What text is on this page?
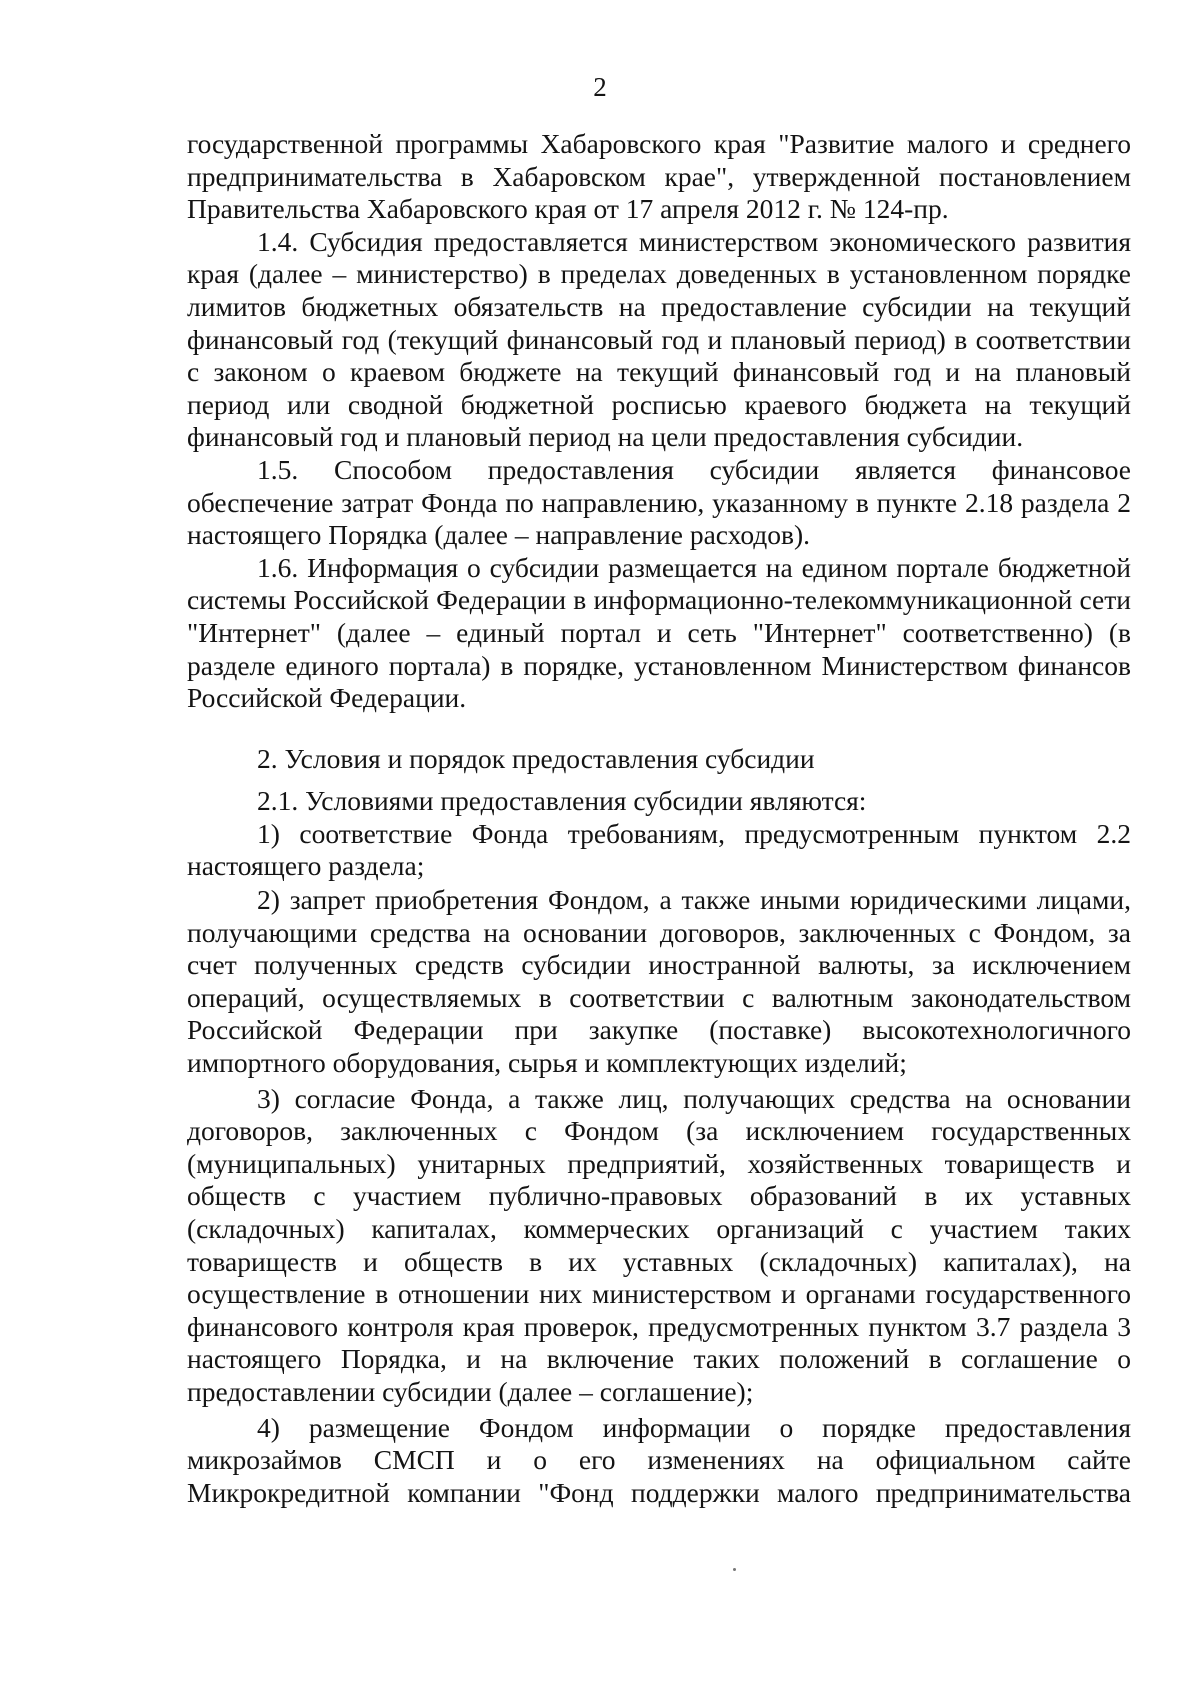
2

государственной программы Хабаровского края "Развитие малого и среднего предпринимательства в Хабаровском крае", утвержденной постановлением Правительства Хабаровского края от 17 апреля 2012 г. № 124-пр.

1.4. Субсидия предоставляется министерством экономического развития края (далее – министерство) в пределах доведенных в установленном порядке лимитов бюджетных обязательств на предоставление субсидии на текущий финансовый год (текущий финансовый год и плановый период) в соответствии с законом о краевом бюджете на текущий финансовый год и на плановый период или сводной бюджетной росписью краевого бюджета на текущий финансовый год и плановый период на цели предоставления субсидии.

1.5. Способом предоставления субсидии является финансовое обеспечение затрат Фонда по направлению, указанному в пункте 2.18 раздела 2 настоящего Порядка (далее – направление расходов).

1.6. Информация о субсидии размещается на едином портале бюджетной системы Российской Федерации в информационно-телекоммуникационной сети "Интернет" (далее – единый портал и сеть "Интернет" соответственно) (в разделе единого портала) в порядке, установленном Министерством финансов Российской Федерации.

2. Условия и порядок предоставления субсидии

2.1. Условиями предоставления субсидии являются:

1) соответствие Фонда требованиям, предусмотренным пунктом 2.2 настоящего раздела;

2) запрет приобретения Фондом, а также иными юридическими лицами, получающими средства на основании договоров, заключенных с Фондом, за счет полученных средств субсидии иностранной валюты, за исключением операций, осуществляемых в соответствии с валютным законодательством Российской Федерации при закупке (поставке) высокотехнологичного импортного оборудования, сырья и комплектующих изделий;

3) согласие Фонда, а также лиц, получающих средства на основании договоров, заключенных с Фондом (за исключением государственных (муниципальных) унитарных предприятий, хозяйственных товариществ и обществ с участием публично-правовых образований в их уставных (складочных) капиталах, коммерческих организаций с участием таких товариществ и обществ в их уставных (складочных) капиталах), на осуществление в отношении них министерством и органами государственного финансового контроля края проверок, предусмотренных пунктом 3.7 раздела 3 настоящего Порядка, и на включение таких положений в соглашение о предоставлении субсидии (далее – соглашение);

4) размещение Фондом информации о порядке предоставления микрозаймов СМСП и о его изменениях на официальном сайте Микрокредитной компании "Фонд поддержки малого предпринимательства
